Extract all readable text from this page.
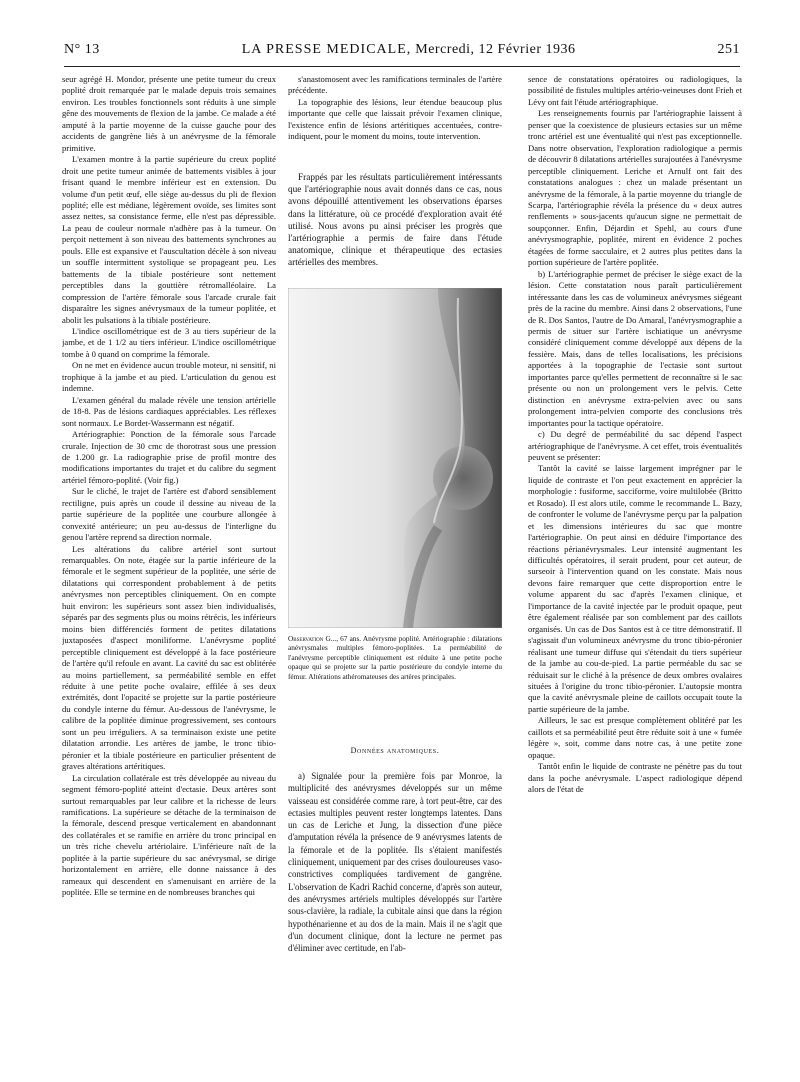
N° 13	LA PRESSE MEDICALE, Mercredi, 12 Février 1936	251

seur agrégé H. Mondor, présente une petite tumeur du creux poplité droit remarquée par le malade depuis trois semaines environ. Les troubles fonctionnels sont réduits à une simple gêne des mouvements de flexion de la jambe. Ce malade a été amputé à la partie moyenne de la cuisse gauche pour des accidents de gangrène liés à un anévrysme de la fémorale primitive.

L'examen montre à la partie supérieure du creux poplité droit une petite tumeur animée de battements visibles à jour frisant quand le membre inférieur est en extension. Du volume d'un petit œuf, elle siège au-dessus du pli de flexion poplité; elle est médiane, légèrement ovoïde, ses limites sont assez nettes, sa consistance ferme, elle n'est pas dépressible. La peau de couleur normale n'adhère pas à la tumeur. On perçoit nettement à son niveau des battements synchrones au pouls. Elle est expansive et l'auscultation décèle à son niveau un souffle intermittent systolique se propageant peu. Les battements de la tibiale postérieure sont nettement perceptibles dans la gouttière rétromalléolaire. La compression de l'artère fémorale sous l'arcade crurale fait disparaître les signes anévrysmaux de la tumeur poplitée, et abolit les pulsations à la tibiale postérieure.

L'indice oscillométrique est de 3 au tiers supérieur de la jambe, et de 1 1/2 au tiers inférieur. L'indice oscillométrique tombe à 0 quand on comprime la fémorale.

On ne met en évidence aucun trouble moteur, ni sensitif, ni trophique à la jambe et au pied. L'articulation du genou est indemne.

L'examen général du malade révèle une tension artérielle de 18-8. Pas de lésions cardiaques appréciables. Les réflexes sont normaux. Le Bordet-Wassermann est négatif.

Artériographie: Ponction de la fémorale sous l'arcade crurale. Injection de 30 cmc de thorotrast sous une pression de 1.200 gr. La radiographie prise de profil montre des modifications importantes du trajet et du calibre du segment artériel fémoro-poplité. (Voir fig.)

Sur le cliché, le trajet de l'artère est d'abord sensiblement rectiligne, puis après un coude il dessine au niveau de la partie supérieure de la poplitée une courbure allongée à convexité antérieure; un peu au-dessus de l'interligne du genou l'artère reprend sa direction normale.

Les altérations du calibre artériel sont surtout remarquables. On note, étagée sur la partie inférieure de la fémorale et le segment supérieur de la poplitée, une série de dilatations qui correspondent probablement à de petits anévrysmes non perceptibles cliniquement. On en compte huit environ: les supérieurs sont assez bien individualisés, séparés par des segments plus ou moins rétrécis, les inférieurs moins bien différenciés forment de petites dilatations juxtaposées d'aspect moniliforme. L'anévrysme poplité perceptible cliniquement est développé à la face postérieure de l'artère qu'il refoule en avant. La cavité du sac est oblitérée au moins partiellement, sa perméabilité semble en effet réduite à une petite poche ovalaire, effilée à ses deux extrémités, dont l'opacité se projette sur la partie postérieure du condyle interne du fémur. Au-dessous de l'anévrysme, le calibre de la poplitée diminue progressivement, ses contours sont un peu irréguliers. A sa terminaison existe une petite dilatation arrondie. Les artères de jambe, le tronc tibio-péronier et la tibiale postérieure en particulier présentent de graves altérations artéritiques.

La circulation collatérale est très développée au niveau du segment fémoro-poplité atteint d'ectasie. Deux artères sont surtout remarquables par leur calibre et la richesse de leurs ramifications. La supérieure se détache de la terminaison de la fémorale, descend presque verticalement en abandonnant des collatérales et se ramifie en arrière du tronc principal en un très riche chevelu artériolaire. L'inférieure naît de la poplitée à la partie supérieure du sac anévrysmal, se dirige horizontalement en arrière, elle donne naissance à des rameaux qui descendent en s'amenuisant en arrière de la poplitée. Elle se termine en de nombreuses branches qui

s'anastomosent avec les ramifications terminales de l'artère précédente.

La topographie des lésions, leur étendue beaucoup plus importante que celle que laissait prévoir l'examen clinique, l'existence enfin de lésions artéritiques accentuées, contre-indiquent, pour le moment du moins, toute intervention.

Frappés par les résultats particulièrement intéressants que l'artériographie nous avait donnés dans ce cas, nous avons dépouillé attentivement les observations éparses dans la littérature, où ce procédé d'exploration avait été utilisé. Nous avons pu ainsi préciser les progrès que l'artériographie a permis de faire dans l'étude anatomique, clinique et thérapeutique des ectasies artérielles des membres.

Observation G..., 67 ans. Anévrysme poplité. Artériographie : dilatations anévrysmales multiples fémoro-poplitées. La perméabilité de l'anévrysme perceptible cliniquement est réduite à une petite poche opaque qui se projette sur la partie postérieure du condyle interne du fémur. Altérations athéromateuses des artères principales.
Données anatomiques.

a) Signalée pour la première fois par Monroe, la multiplicité des anévrysmes développés sur un même vaisseau est considérée comme rare, à tort peut-être, car des ectasies multiples peuvent rester longtemps latentes. Dans un cas de Leriche et Jung, la dissection d'une pièce d'amputation révéla la présence de 9 anévrysmes latents de la fémorale et de la poplitée. Ils s'étaient manifestés cliniquement, uniquement par des crises douloureuses vaso-constrictives compliquées tardivement de gangrène. L'observation de Kadri Rachid concerne, d'après son auteur, des anévrysmes artériels multiples développés sur l'artère sous-clavière, la radiale, la cubitale ainsi que dans la région hypothénarienne et au dos de la main. Mais il ne s'agit que d'un document clinique, dont la lecture ne permet pas d'éliminer avec certitude, en l'ab-

sence de constatations opératoires ou radiologiques, la possibilité de fistules multiples artério-veineuses dont Frieh et Lévy ont fait l'étude artériographique.

Les renseignements fournis par l'artériographie laissent à penser que la coexistence de plusieurs ectasies sur un même tronc artériel est une éventualité qui n'est pas exceptionnelle. Dans notre observation, l'exploration radiologique a permis de découvrir 8 dilatations artérielles surajoutées à l'anévrysme perceptible cliniquement. Leriche et Arnulf ont fait des constatations analogues : chez un malade présentant un anévrysme de la fémorale, à la partie moyenne du triangle de Scarpa, l'artériographie révéla la présence du « deux autres renflements » sous-jacents qu'aucun signe ne permettait de soupçonner. Enfin, Déjardin et Spehl, au cours d'une anévrysmographie, poplitée, mirent en évidence 2 poches étagées de forme sacculaire, et 2 autres plus petites dans la portion supérieure de l'artère poplitée.

b) L'artériographie permet de préciser le siège exact de la lésion. Cette constatation nous paraît particulièrement intéressante dans les cas de volumineux anévrysmes siégeant près de la racine du membre. Ainsi dans 2 observations, l'une de R. Dos Santos, l'autre de Do Amaral, l'anévrysmographie a permis de situer sur l'artère ischiatique un anévrysme considéré cliniquement comme développé aux dépens de la fessière. Mais, dans de telles localisations, les précisions apportées à la topographie de l'ectasie sont surtout importantes parce qu'elles permettent de reconnaître si le sac présente ou non un prolongement vers le pelvis. Cette distinction en anévrysme extra-pelvien avec ou sans prolongement intra-pelvien comporte des conclusions très importantes pour la tactique opératoire.

c) Du degré de perméabilité du sac dépend l'aspect artériographique de l'anévrysme. A cet effet, trois éventualités peuvent se présenter:

Tantôt la cavité se laisse largement imprégner par le liquide de contraste et l'on peut exactement en apprécier la morphologie : fusiforme, sacciforme, voire multilobée (Britto et Rosado). Il est alors utile, comme le recommande L. Bazy, de confronter le volume de l'anévrysme perçu par la palpation et les dimensions intérieures du sac que montre l'artériographie. On peut ainsi en déduire l'importance des réactions périanévrysmales. Leur intensité augmentant les difficultés opératoires, il serait prudent, pour cet auteur, de surseoir à l'intervention quand on les constate. Mais nous devons faire remarquer que cette disproportion entre le volume apparent du sac d'après l'examen clinique, et l'importance de la cavité injectée par le produit opaque, peut être également réalisée par son comblement par des caillots organisés. Un cas de Dos Santos est à ce titre démonstratif. Il s'agissait d'un volumineux anévrysme du tronc tibio-péronier réalisant une tumeur diffuse qui s'étendait du tiers supérieur de la jambe au cou-de-pied. La partie perméable du sac se réduisait sur le cliché à la présence de deux ombres ovalaires situées à l'origine du tronc tibio-péronier. L'autopsie montra que la cavité anévrysmale pleine de caillots occupait toute la partie supérieure de la jambe.

Ailleurs, le sac est presque complètement oblitéré par les caillots et sa perméabilité peut être réduite soit à une « fumée légère », soit, comme dans notre cas, à une petite zone opaque.

Tantôt enfin le liquide de contraste ne pénètre pas du tout dans la poche anévrysmale. L'aspect radiologique dépend alors de l'état de
